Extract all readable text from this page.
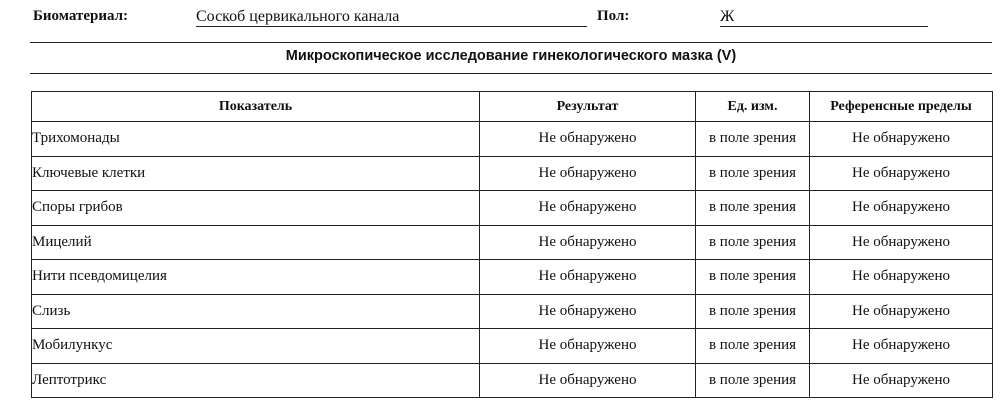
Биоматериал:	Соскоб цервикального канала	Пол:	Ж
Микроскопическое исследование гинекологического мазка (V)
Показатель	Результат	Ед. изм.	Референсные пределы
Трихомонады	Не обнаружено	в поле зрения	Не обнаружено
Ключевые клетки	Не обнаружено	в поле зрения	Не обнаружено
Споры грибов	Не обнаружено	в поле зрения	Не обнаружено
Мицелий	Не обнаружено	в поле зрения	Не обнаружено
Нити псевдомицелия	Не обнаружено	в поле зрения	Не обнаружено
Слизь	Не обнаружено	в поле зрения	Не обнаружено
Мобилункус	Не обнаружено	в поле зрения	Не обнаружено
Лептотрикс	Не обнаружено	в поле зрения	Не обнаружено
